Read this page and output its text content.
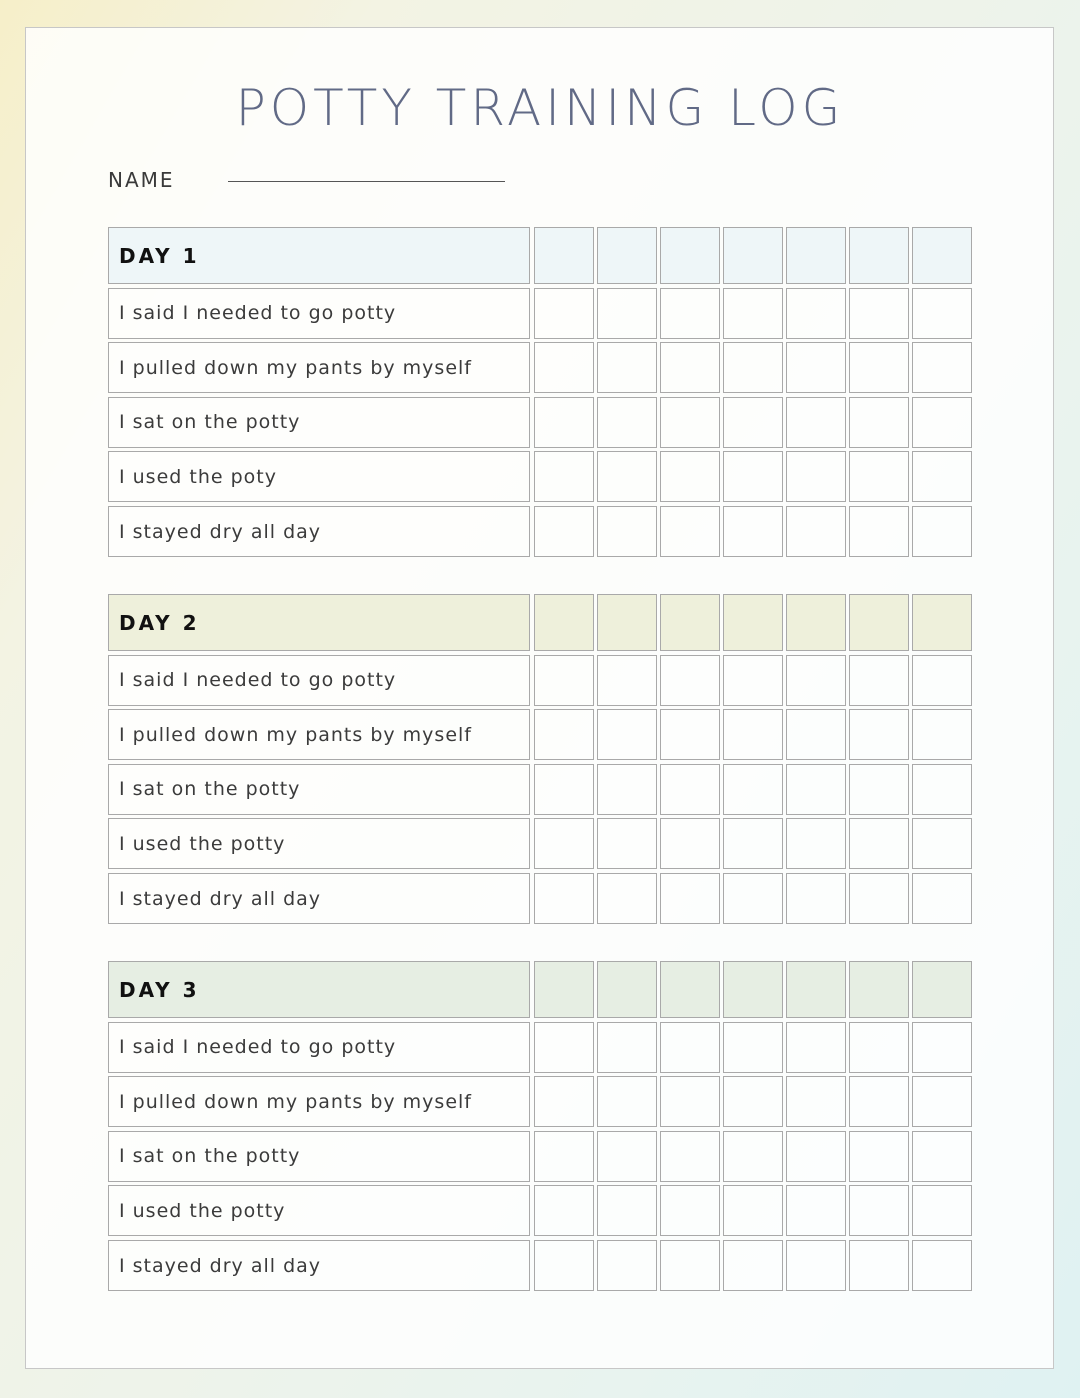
POTTY TRAINING LOG
NAME
DAY 1
I said I needed to go potty
I pulled down my pants by myself
I sat on the potty
I used the poty
I stayed dry all day
DAY 2
I said I needed to go potty
I pulled down my pants by myself
I sat on the potty
I used the potty
I stayed dry all day
DAY 3
I said I needed to go potty
I pulled down my pants by myself
I sat on the potty
I used the potty
I stayed dry all day
